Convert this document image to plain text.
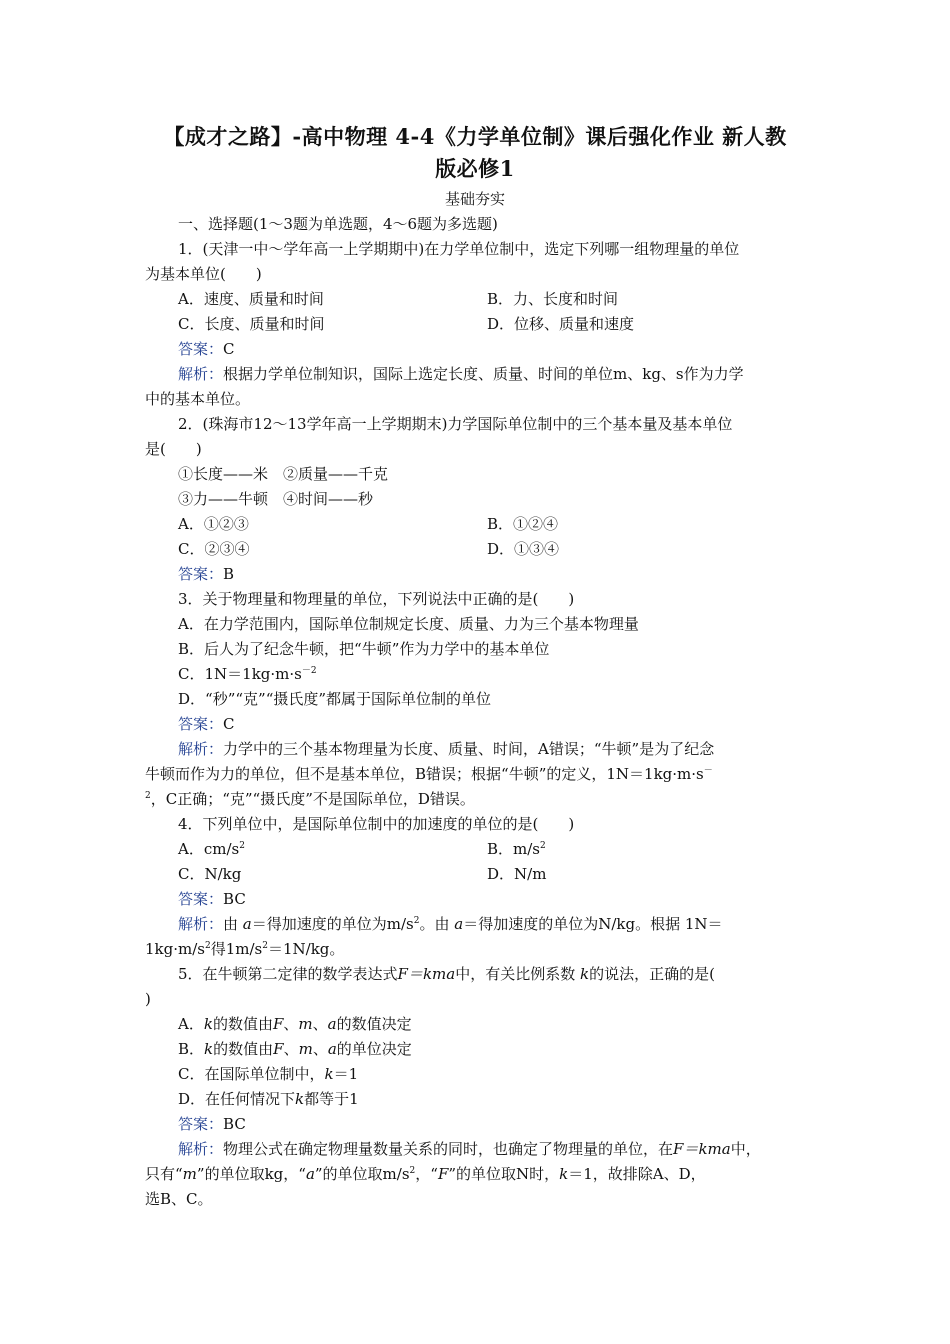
【成才之路】-高中物理 4-4《力学单位制》课后强化作业 新人教
版必修1
基础夯实
一、选择题(1～3题为单选题，4～6题为多选题)
1．(天津一中～学年高一上学期期中)在力学单位制中，选定下列哪一组物理量的单位
为基本单位(　　)
A．速度、质量和时间	B．力、长度和时间
C．长度、质量和时间	D．位移、质量和速度
答案：C
解析：根据力学单位制知识，国际上选定长度、质量、时间的单位m、kg、s作为力学
中的基本单位。
2．(珠海市12～13学年高一上学期期末)力学国际单位制中的三个基本量及基本单位
是(　　)
①长度——米　②质量——千克
③力——牛顿　④时间——秒
A．①②③	B．①②④
C．②③④	D．①③④
答案：B
3．关于物理量和物理量的单位，下列说法中正确的是(　　)
A．在力学范围内，国际单位制规定长度、质量、力为三个基本物理量
B．后人为了纪念牛顿，把“牛顿”作为力学中的基本单位
C．$1N=1kg\cdot m\cdot s^{-2}$
D．“秒”“克”“摄氏度”都属于国际单位制的单位
答案：C
解析：力学中的三个基本物理量为长度、质量、时间，A错误；“牛顿”是为了纪念
牛顿而作为力的单位，但不是基本单位，B错误；根据“牛顿”的定义，1N＝1kg·m·s－
$^2$，C正确；“克”“摄氏度”不是国际单位，D错误。
4．下列单位中，是国际单位制中的加速度的单位的是(　　)
A．$cm/s^2$	B．$m/s^2$
C．N/kg	D．N/m
答案：BC
解析：由 a＝得加速度的单位为$m/s^2$。由 a＝得加速度的单位为N/kg。根据 1N＝
$1kg\cdot m/s^2$得$1m/s^2=1N/kg$。
5．在牛顿第二定律的数学表达式F＝kma中，有关比例系数 k的说法，正确的是(
)
A．k的数值由F、m、a的数值决定
B．k的数值由F、m、a的单位决定
C．在国际单位制中，k＝1
D．在任何情况下k都等于1
答案：BC
解析：物理公式在确定物理量数量关系的同时，也确定了物理量的单位，在F＝kma中，
只有“m”的单位取kg，“a”的单位取$m/s^2$，“F”的单位取N时，k＝1，故排除A、D，
选B、C。
